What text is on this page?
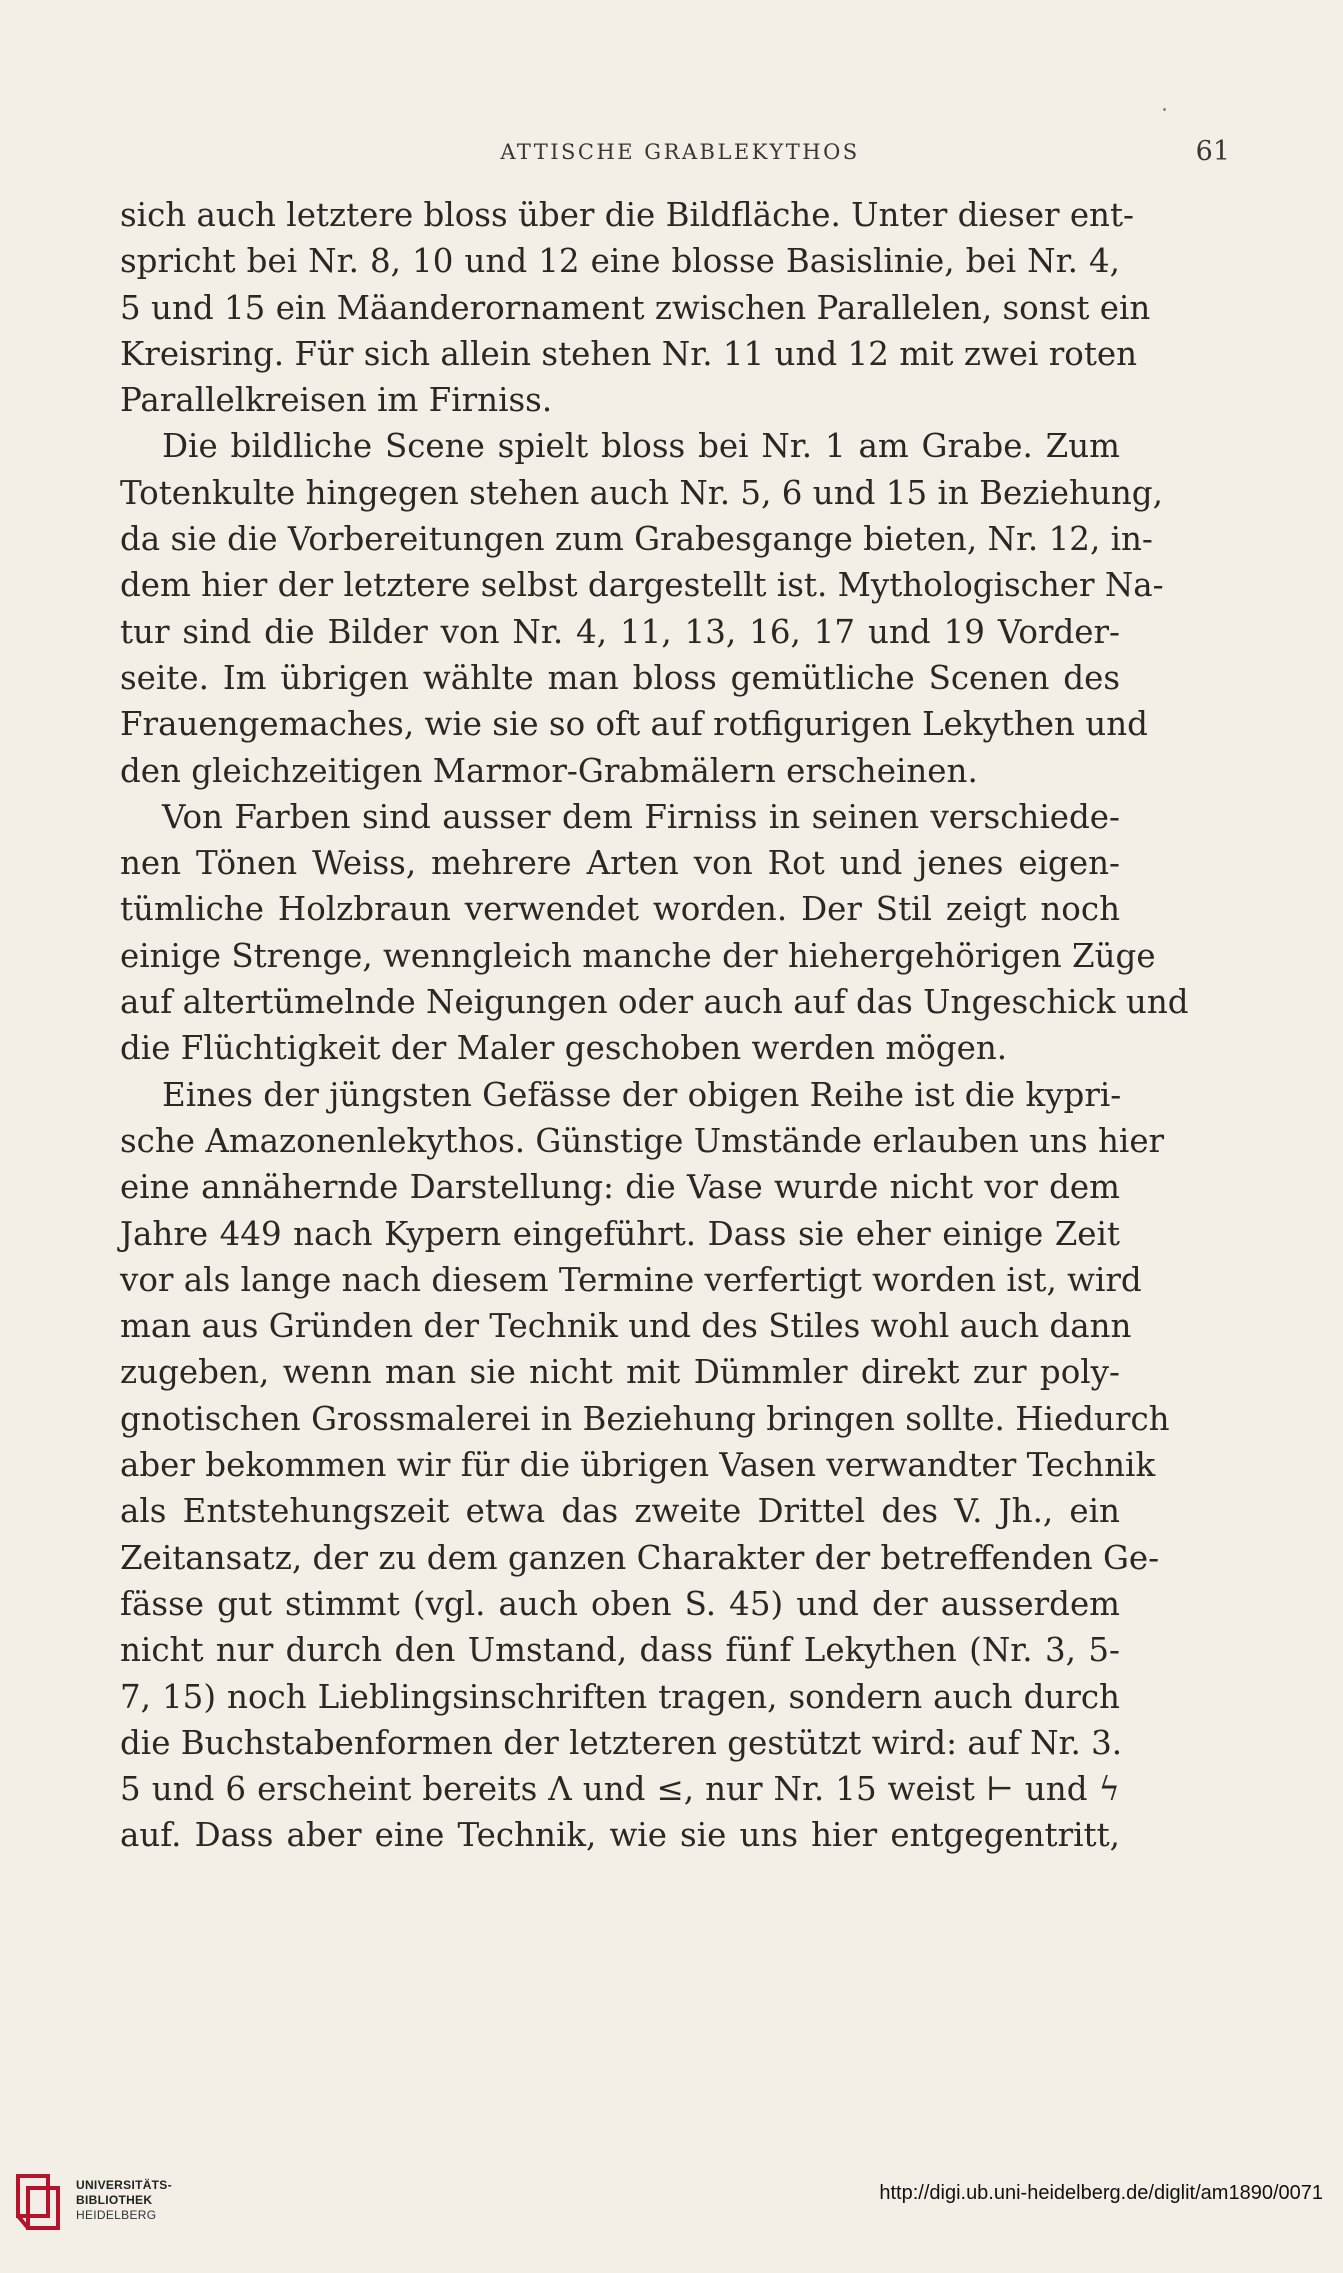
ATTISCHE GRABLEKYTHOS	61
sich auch letztere bloss über die Bildfläche. Unter dieser ent-
spricht bei Nr. 8, 10 und 12 eine blosse Basislinie, bei Nr. 4,
5 und 15 ein Mäanderornament zwischen Parallelen, sonst ein
Kreisring. Für sich allein stehen Nr. 11 und 12 mit zwei roten
Parallelkreisen im Firniss.
Die bildliche Scene spielt bloss bei Nr. 1 am Grabe. Zum
Totenkulte hingegen stehen auch Nr. 5, 6 und 15 in Beziehung,
da sie die Vorbereitungen zum Grabesgange bieten, Nr. 12, in-
dem hier der letztere selbst dargestellt ist. Mythologischer Na-
tur sind die Bilder von Nr. 4, 11, 13, 16, 17 und 19 Vorder-
seite. Im übrigen wählte man bloss gemütliche Scenen des
Frauengemaches, wie sie so oft auf rotfigurigen Lekythen und
den gleichzeitigen Marmor-Grabmälern erscheinen.
Von Farben sind ausser dem Firniss in seinen verschiede-
nen Tönen Weiss, mehrere Arten von Rot und jenes eigen-
tümliche Holzbraun verwendet worden. Der Stil zeigt noch
einige Strenge, wenngleich manche der hiehergehörigen Züge
auf altertümelnde Neigungen oder auch auf das Ungeschick und
die Flüchtigkeit der Maler geschoben werden mögen.
Eines der jüngsten Gefässe der obigen Reihe ist die kypri-
sche Amazonenlekythos. Günstige Umstände erlauben uns hier
eine annähernde Darstellung: die Vase wurde nicht vor dem
Jahre 449 nach Kypern eingeführt. Dass sie eher einige Zeit
vor als lange nach diesem Termine verfertigt worden ist, wird
man aus Gründen der Technik und des Stiles wohl auch dann
zugeben, wenn man sie nicht mit Dümmler direkt zur poly-
gnotischen Grossmalerei in Beziehung bringen sollte. Hiedurch
aber bekommen wir für die übrigen Vasen verwandter Technik
als Entstehungszeit etwa das zweite Drittel des V. Jh., ein
Zeitansatz, der zu dem ganzen Charakter der betreffenden Ge-
fässe gut stimmt (vgl. auch oben S. 45) und der ausserdem
nicht nur durch den Umstand, dass fünf Lekythen (Nr. 3, 5-
7, 15) noch Lieblingsinschriften tragen, sondern auch durch
die Buchstabenformen der letzteren gestützt wird: auf Nr. 3.
5 und 6 erscheint bereits Λ und ≤, nur Nr. 15 weist ⊢ und ϟ
auf. Dass aber eine Technik, wie sie uns hier entgegentritt,
UNIVERSITÄTS-
BIBLIOTHEK
HEIDELBERG
http://digi.ub.uni-heidelberg.de/diglit/am1890/0071
